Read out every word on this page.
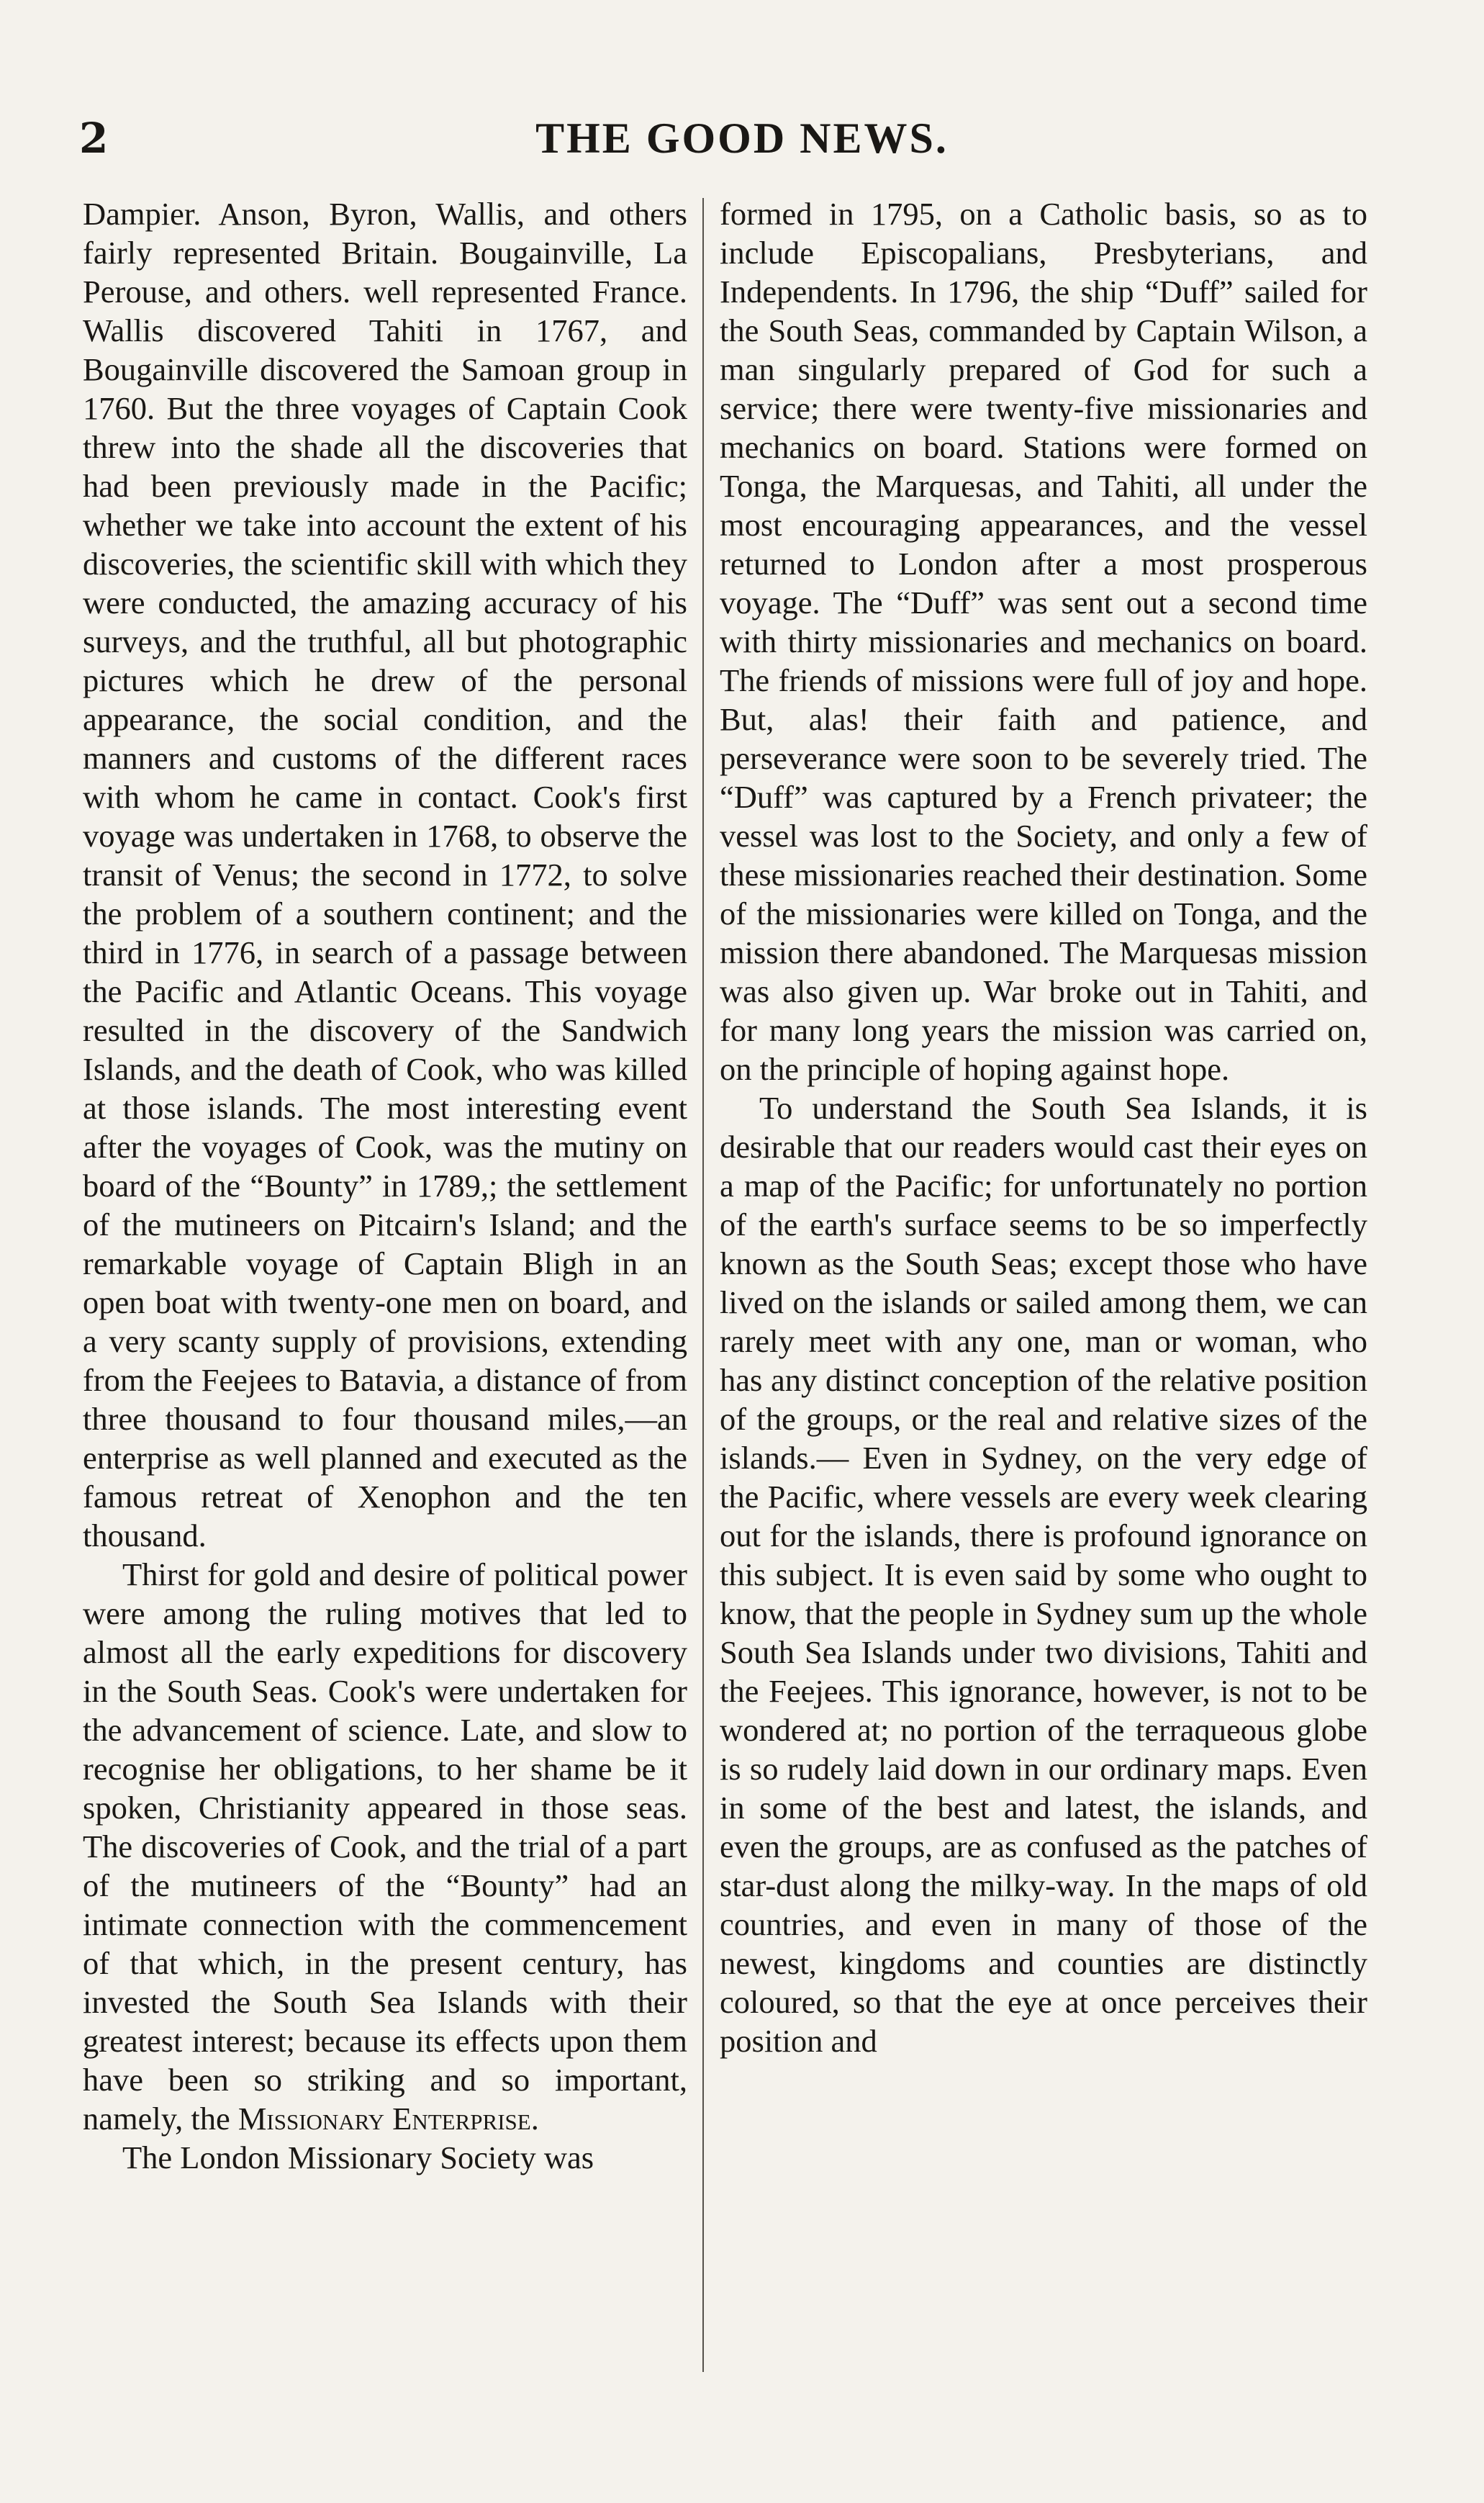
2	THE GOOD NEWS.

Dampier. Anson, Byron, Wallis, and others fairly represented Britain. Bougainville, La Perouse, and others. well represented France. Wallis discovered Tahiti in 1767, and Bougainville discovered the Samoan group in 1760. But the three voyages of Captain Cook threw into the shade all the discoveries that had been previously made in the Pacific; whether we take into account the extent of his discoveries, the scientific skill with which they were conducted, the amazing accuracy of his surveys, and the truthful, all but photographic pictures which he drew of the personal appearance, the social condition, and the manners and customs of the different races with whom he came in contact. Cook's first voyage was undertaken in 1768, to observe the transit of Venus; the second in 1772, to solve the problem of a southern continent; and the third in 1776, in search of a passage between the Pacific and Atlantic Oceans. This voyage resulted in the discovery of the Sandwich Islands, and the death of Cook, who was killed at those islands. The most interesting event after the voyages of Cook, was the mutiny on board of the “Bounty” in 1789,; the settlement of the mutineers on Pitcairn's Island; and the remarkable voyage of Captain Bligh in an open boat with twenty-one men on board, and a very scanty supply of provisions, extending from the Feejees to Batavia, a distance of from three thousand to four thousand miles,—an enterprise as well planned and executed as the famous retreat of Xenophon and the ten thousand.

Thirst for gold and desire of political power were among the ruling motives that led to almost all the early expeditions for discovery in the South Seas. Cook's were undertaken for the advancement of science. Late, and slow to recognise her obligations, to her shame be it spoken, Christianity appeared in those seas. The discoveries of Cook, and the trial of a part of the mutineers of the “Bounty” had an intimate connection with the commencement of that which, in the present century, has invested the South Sea Islands with their greatest interest; because its effects upon them have been so striking and so important, namely, the Missionary Enterprise.

The London Missionary Society was

formed in 1795, on a Catholic basis, so as to include Episcopalians, Presbyterians, and Independents. In 1796, the ship “Duff” sailed for the South Seas, commanded by Captain Wilson, a man singularly prepared of God for such a service; there were twenty-five missionaries and mechanics on board. Stations were formed on Tonga, the Marquesas, and Tahiti, all under the most encouraging appearances, and the vessel returned to London after a most prosperous voyage. The “Duff” was sent out a second time with thirty missionaries and mechanics on board. The friends of missions were full of joy and hope. But, alas! their faith and patience, and perseverance were soon to be severely tried. The “Duff” was captured by a French privateer; the vessel was lost to the Society, and only a few of these missionaries reached their destination. Some of the missionaries were killed on Tonga, and the mission there abandoned. The Marquesas mission was also given up. War broke out in Tahiti, and for many long years the mission was carried on, on the principle of hoping against hope.

To understand the South Sea Islands, it is desirable that our readers would cast their eyes on a map of the Pacific; for unfortunately no portion of the earth's surface seems to be so imperfectly known as the South Seas; except those who have lived on the islands or sailed among them, we can rarely meet with any one, man or woman, who has any distinct conception of the relative position of the groups, or the real and relative sizes of the islands.— Even in Sydney, on the very edge of the Pacific, where vessels are every week clearing out for the islands, there is profound ignorance on this subject. It is even said by some who ought to know, that the people in Sydney sum up the whole South Sea Islands under two divisions, Tahiti and the Feejees. This ignorance, however, is not to be wondered at; no portion of the terraqueous globe is so rudely laid down in our ordinary maps. Even in some of the best and latest, the islands, and even the groups, are as confused as the patches of star-dust along the milky-way. In the maps of old countries, and even in many of those of the newest, kingdoms and counties are distinctly coloured, so that the eye at once perceives their position and
